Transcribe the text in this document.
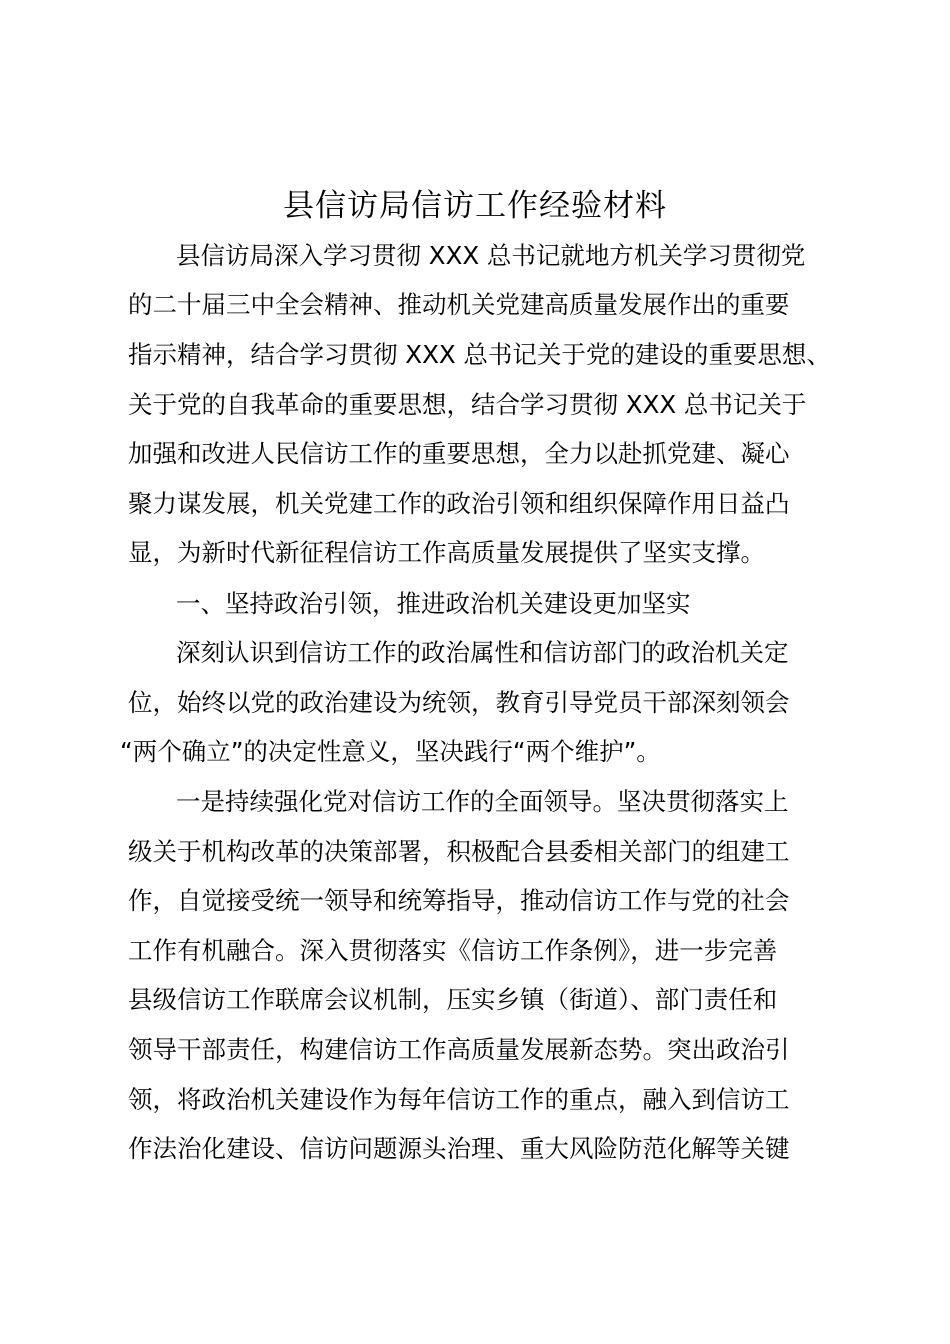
县信访局信访工作经验材料
县信访局深入学习贯彻 XXX 总书记就地方机关学习贯彻党
的二十届三中全会精神、推动机关党建高质量发展作出的重要
指示精神，结合学习贯彻 XXX 总书记关于党的建设的重要思想、
关于党的自我革命的重要思想，结合学习贯彻 XXX 总书记关于
加强和改进人民信访工作的重要思想，全力以赴抓党建、凝心
聚力谋发展，机关党建工作的政治引领和组织保障作用日益凸
显，为新时代新征程信访工作高质量发展提供了坚实支撑。
一、坚持政治引领，推进政治机关建设更加坚实
深刻认识到信访工作的政治属性和信访部门的政治机关定
位，始终以党的政治建设为统领，教育引导党员干部深刻领会
“两个确立”的决定性意义，坚决践行“两个维护”。
一是持续强化党对信访工作的全面领导。坚决贯彻落实上
级关于机构改革的决策部署，积极配合县委相关部门的组建工
作，自觉接受统一领导和统筹指导，推动信访工作与党的社会
工作有机融合。深入贯彻落实《信访工作条例》，进一步完善
县级信访工作联席会议机制，压实乡镇（街道）、部门责任和
领导干部责任，构建信访工作高质量发展新态势。突出政治引
领，将政治机关建设作为每年信访工作的重点，融入到信访工
作法治化建设、信访问题源头治理、重大风险防范化解等关键
